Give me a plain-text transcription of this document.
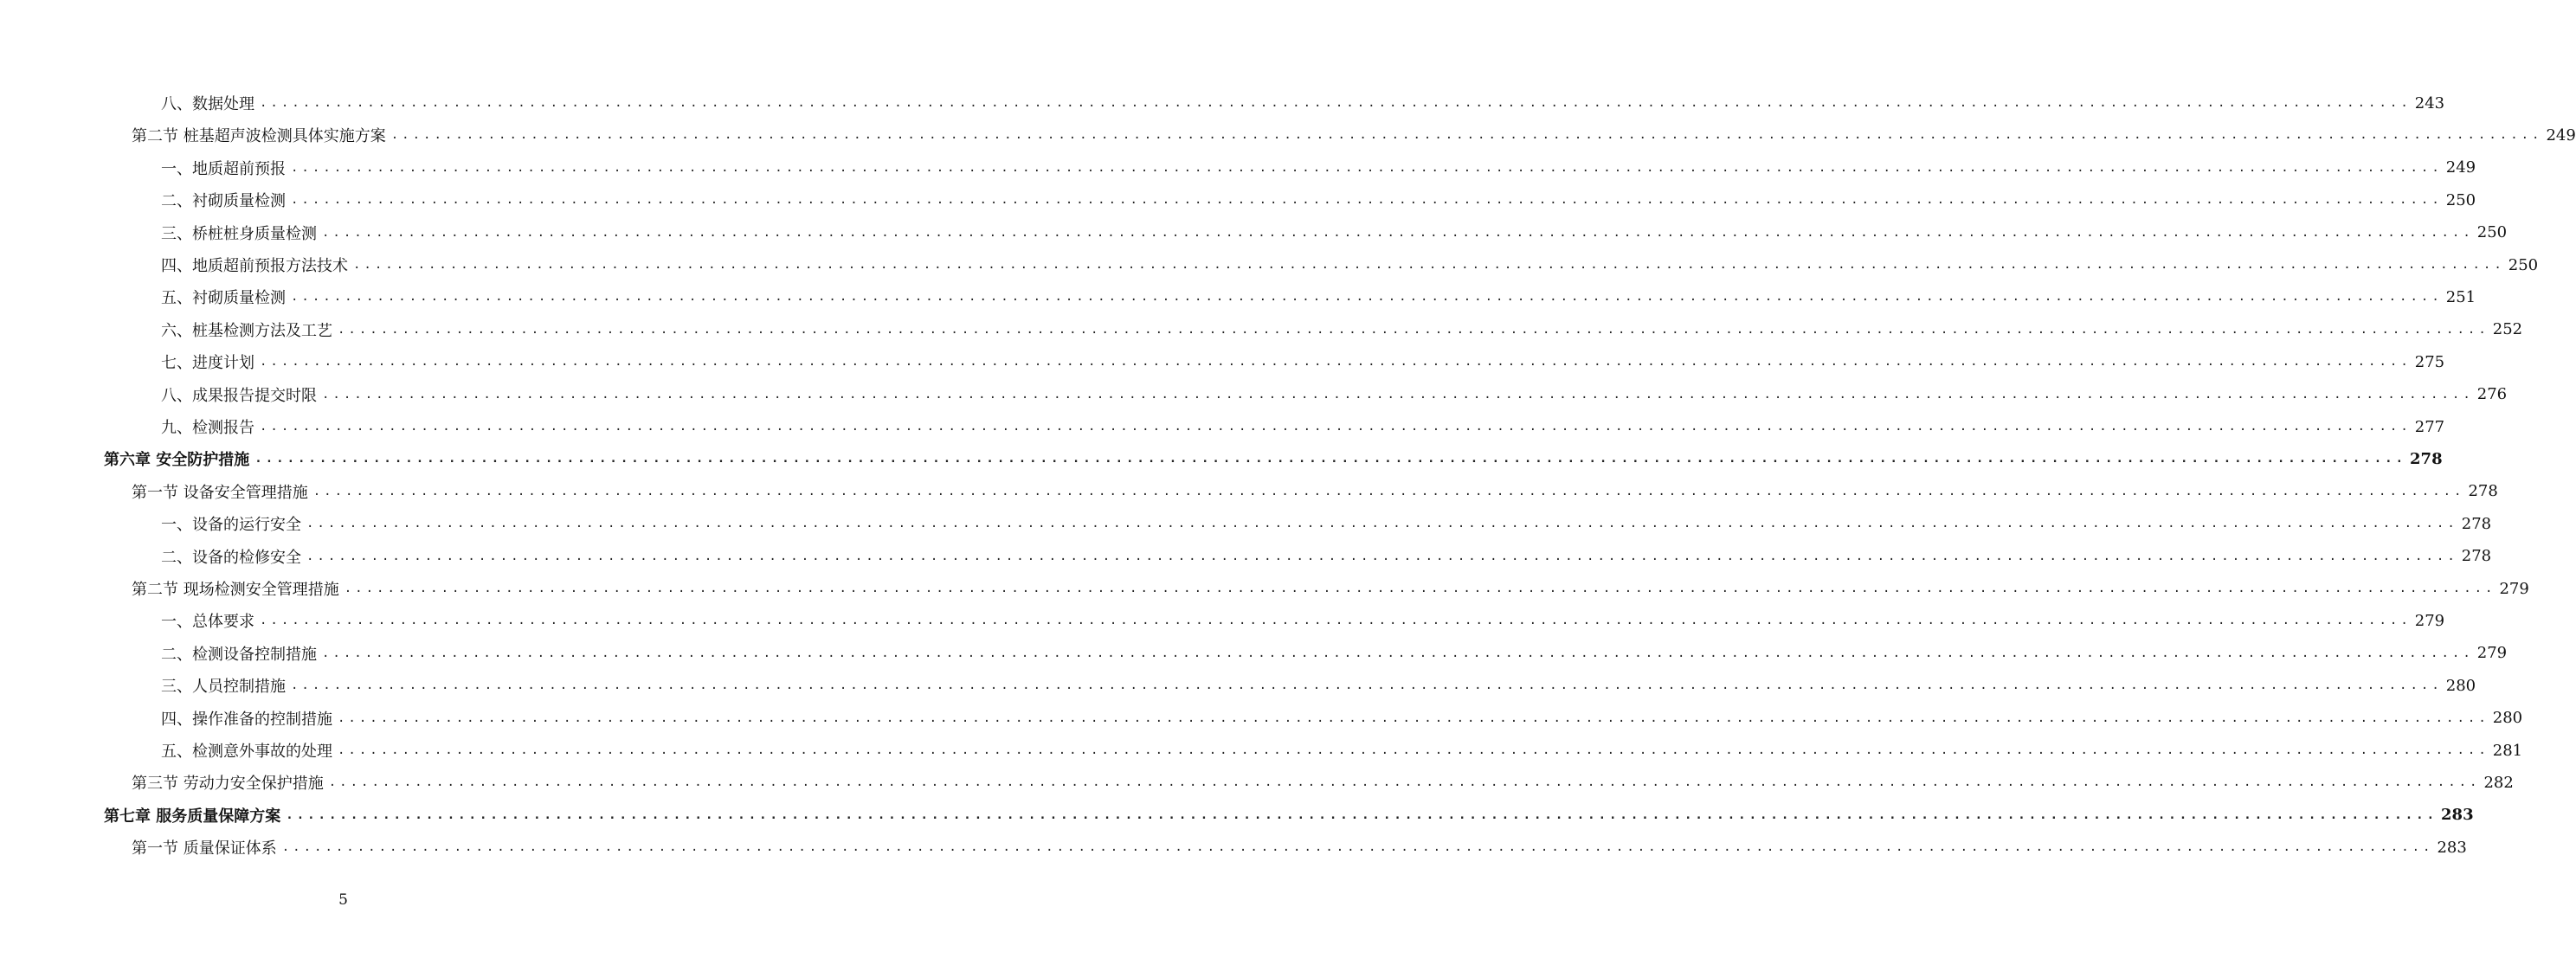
八、数据处理 ........................................................................................................................................................................................................ 243
第二节 桩基超声波检测具体实施方案 ........................................................................................................................................................................................................ 249
一、地质超前预报 ........................................................................................................................................................................................................ 249
二、衬砌质量检测 ........................................................................................................................................................................................................ 250
三、桥桩桩身质量检测 ........................................................................................................................................................................................................ 250
四、地质超前预报方法技术 ........................................................................................................................................................................................................ 250
五、衬砌质量检测 ........................................................................................................................................................................................................ 251
六、桩基检测方法及工艺 ........................................................................................................................................................................................................ 252
七、进度计划 ........................................................................................................................................................................................................ 275
八、成果报告提交时限 ........................................................................................................................................................................................................ 276
九、检测报告 ........................................................................................................................................................................................................ 277
第六章 安全防护措施 ........................................................................................................................................................................................................ 278
第一节 设备安全管理措施 ........................................................................................................................................................................................................ 278
一、设备的运行安全 ........................................................................................................................................................................................................ 278
二、设备的检修安全 ........................................................................................................................................................................................................ 278
第二节 现场检测安全管理措施 ........................................................................................................................................................................................................ 279
一、总体要求 ........................................................................................................................................................................................................ 279
二、检测设备控制措施 ........................................................................................................................................................................................................ 279
三、人员控制措施 ........................................................................................................................................................................................................ 280
四、操作准备的控制措施 ........................................................................................................................................................................................................ 280
五、检测意外事故的处理 ........................................................................................................................................................................................................ 281
第三节 劳动力安全保护措施 ........................................................................................................................................................................................................ 282
第七章 服务质量保障方案 ........................................................................................................................................................................................................ 283
第一节 质量保证体系 ........................................................................................................................................................................................................ 283
5
